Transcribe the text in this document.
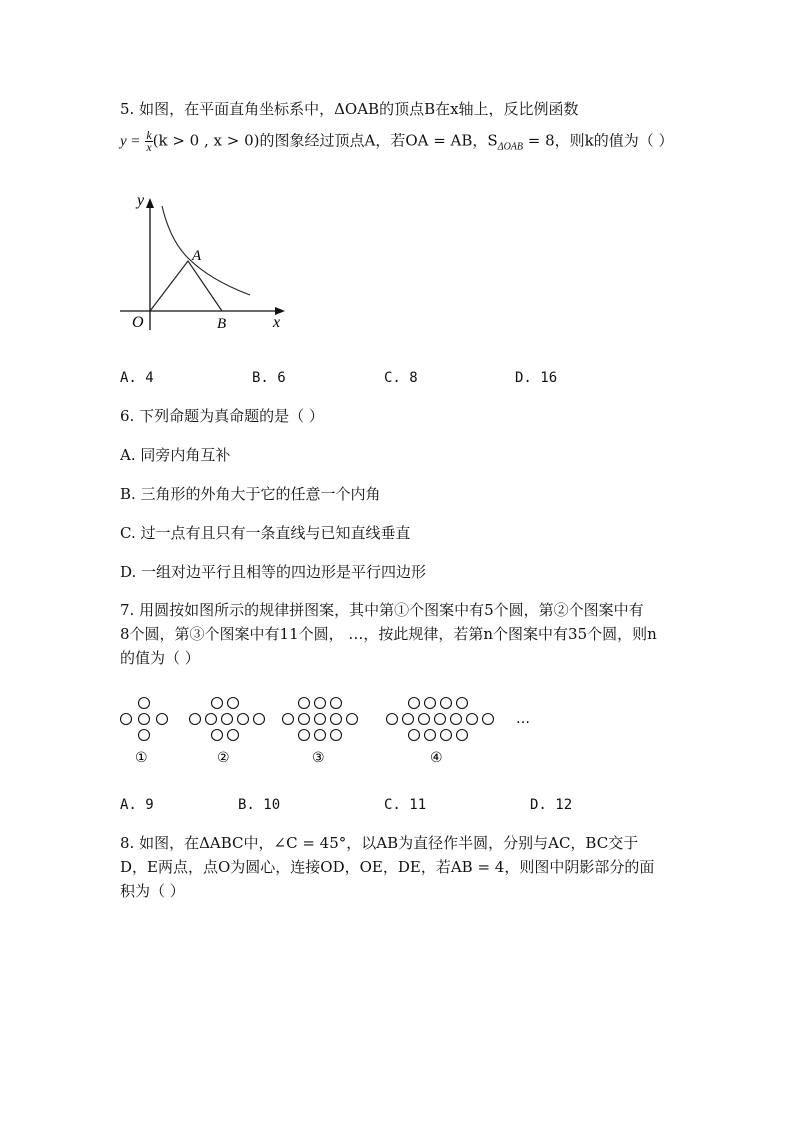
5. 如图，在平面直角坐标系中，ΔOAB的顶点B在x轴上，反比例函数
$y = \frac{k}{x} (k > 0$ , x > 0)的图象经过顶点A，若OA = AB，$S_{\Delta OAB} = 8$，则k的值为（ ）
y
x
O
A
B
A. 4	B. 6	C. 8	D. 16
6. 下列命题为真命题的是（ ）
A. 同旁内角互补
B. 三角形的外角大于它的任意一个内角
C. 过一点有且只有一条直线与已知直线垂直
D. 一组对边平行且相等的四边形是平行四边形
7. 用圆按如图所示的规律拼图案，其中第①个图案中有5个圆，第②个图案中有
8个圆，第③个图案中有11个圆， …，按此规律，若第n个图案中有35个圆，则n
的值为（ ）
①	②	③	④
…
A. 9	B. 10	C. 11	D. 12
8. 如图，在ΔABC中，∠C = 45°，以AB为直径作半圆，分别与AC，BC交于
D，E两点，点O为圆心，连接OD，OE，DE，若AB = 4，则图中阴影部分的面
积为（ ）
